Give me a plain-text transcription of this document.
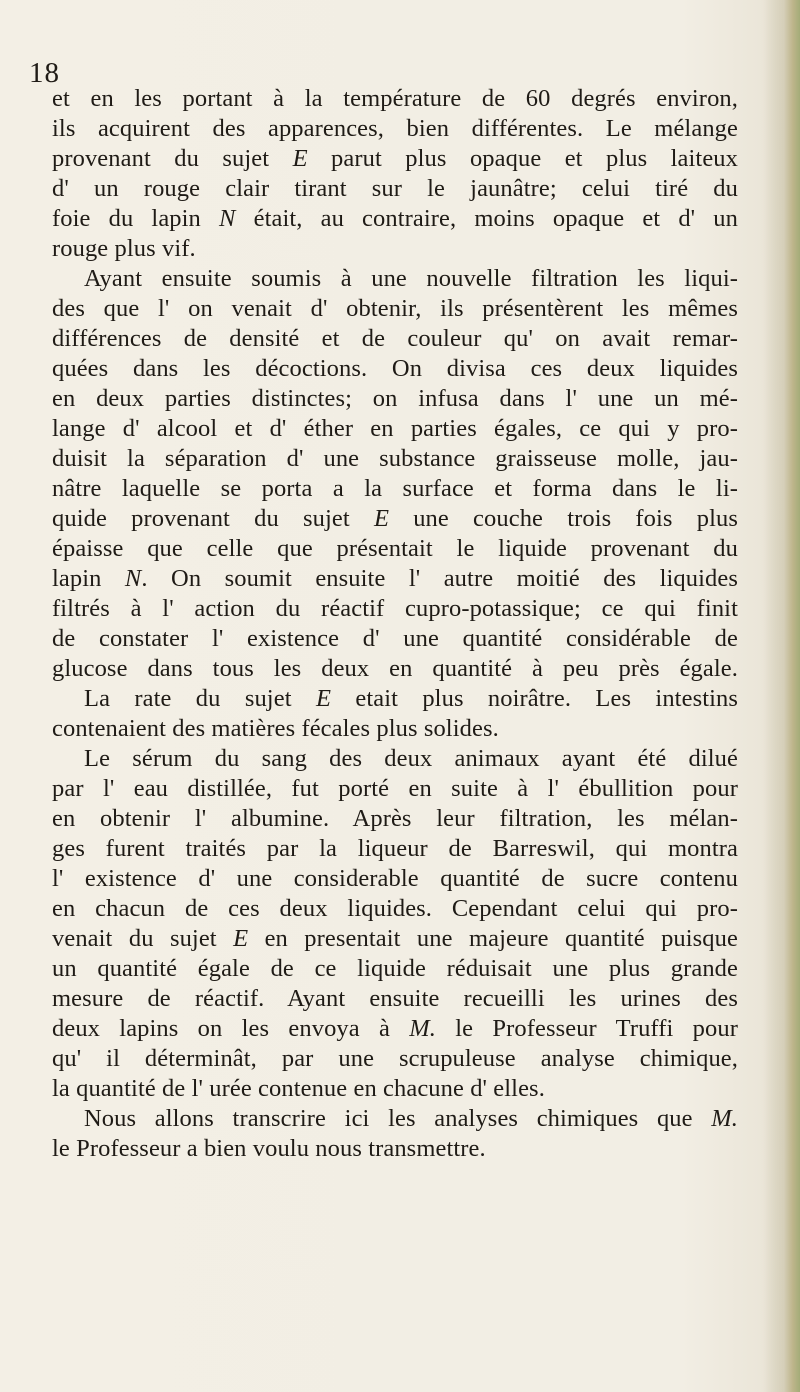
18
et en les portant à la température de 60 degrés environ,
ils acquirent des apparences, bien différentes. Le mélange
provenant du sujet E parut plus opaque et plus laiteux
d' un rouge clair tirant sur le jaunâtre; celui tiré du
foie du lapin N était, au contraire, moins opaque et d' un
rouge plus vif.
Ayant ensuite soumis à une nouvelle filtration les liqui-
des que l' on venait d' obtenir, ils présentèrent les mêmes
différences de densité et de couleur qu' on avait remar-
quées dans les décoctions. On divisa ces deux liquides
en deux parties distinctes; on infusa dans l' une un mé-
lange d' alcool et d' éther en parties égales, ce qui y pro-
duisit la séparation d' une substance graisseuse molle, jau-
nâtre laquelle se porta a la surface et forma dans le li-
quide provenant du sujet E une couche trois fois plus
épaisse que celle que présentait le liquide provenant du
lapin N. On soumit ensuite l' autre moitié des liquides
filtrés à l' action du réactif cupro-potassique; ce qui finit
de constater l' existence d' une quantité considérable de
glucose dans tous les deux en quantité à peu près égale.
La rate du sujet E etait plus noirâtre. Les intestins
contenaient des matières fécales plus solides.
Le sérum du sang des deux animaux ayant été dilué
par l' eau distillée, fut porté en suite à l' ébullition pour
en obtenir l' albumine. Après leur filtration, les mélan-
ges furent traités par la liqueur de Barreswil, qui montra
l' existence d' une considerable quantité de sucre contenu
en chacun de ces deux liquides. Cependant celui qui pro-
venait du sujet E en presentait une majeure quantité puisque
un quantité égale de ce liquide réduisait une plus grande
mesure de réactif. Ayant ensuite recueilli les urines des
deux lapins on les envoya à M. le Professeur Truffi pour
qu' il déterminât, par une scrupuleuse analyse chimique,
la quantité de l' urée contenue en chacune d' elles.
Nous allons transcrire ici les analyses chimiques que M.
le Professeur a bien voulu nous transmettre.
